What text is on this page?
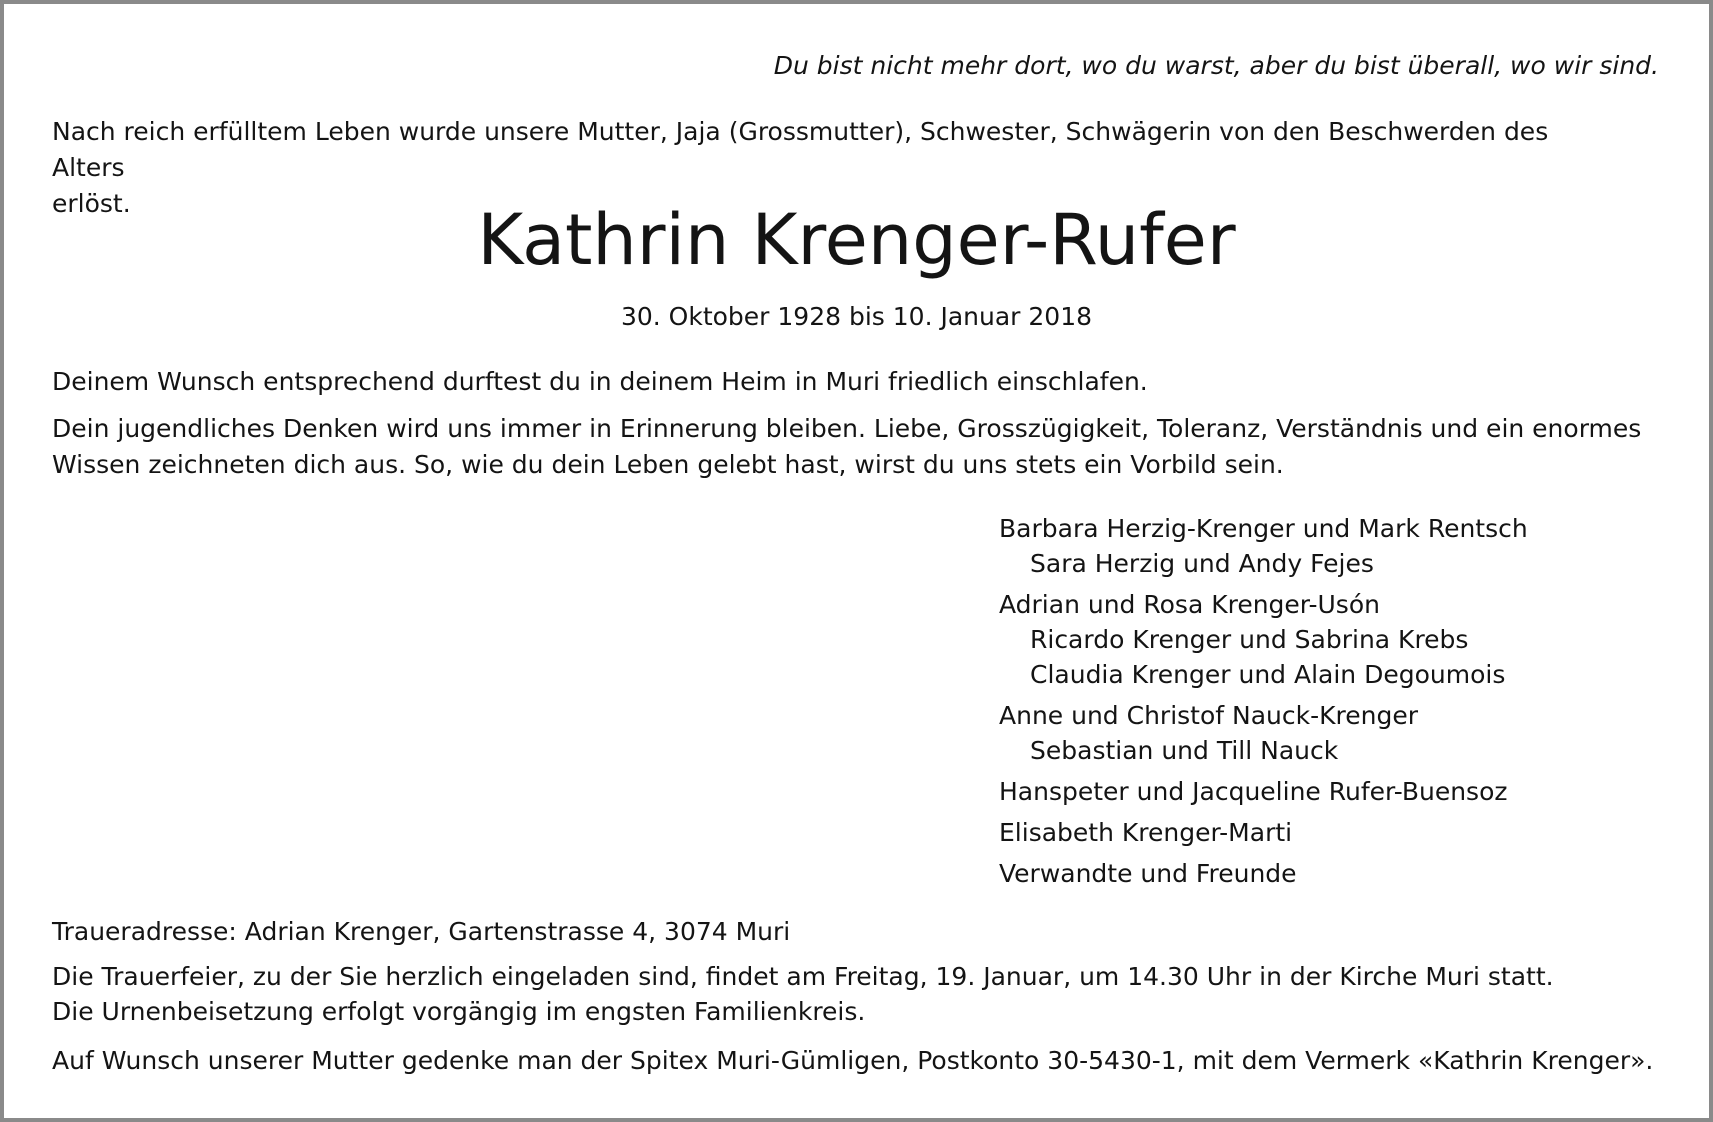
Du bist nicht mehr dort, wo du warst, aber du bist überall, wo wir sind.

Nach reich erfülltem Leben wurde unsere Mutter, Jaja (Grossmutter), Schwester, Schwägerin von den Beschwerden des Alters
erlöst.	Kathrin Krenger-Rufer

30. Oktober 1928 bis 10. Januar 2018

Deinem Wunsch entsprechend durftest du in deinem Heim in Muri friedlich einschlafen.

Dein jugendliches Denken wird uns immer in Erinnerung bleiben. Liebe, Grosszügigkeit, Toleranz, Verständnis und ein enormes
Wissen zeichneten dich aus. So, wie du dein Leben gelebt hast, wirst du uns stets ein Vorbild sein.

Barbara Herzig-Krenger und Mark Rentsch

Sara Herzig und Andy Fejes

Adrian und Rosa Krenger-Usón

Ricardo Krenger und Sabrina Krebs

Claudia Krenger und Alain Degoumois

Anne und Christof Nauck-Krenger

Sebastian und Till Nauck

Hanspeter und Jacqueline Rufer-Buensoz

Elisabeth Krenger-Marti

Verwandte und Freunde

Traueradresse: Adrian Krenger, Gartenstrasse 4, 3074 Muri

Die Trauerfeier, zu der Sie herzlich eingeladen sind, findet am Freitag, 19. Januar, um 14.30 Uhr in der Kirche Muri statt.
Die Urnenbeisetzung erfolgt vorgängig im engsten Familienkreis.

Auf Wunsch unserer Mutter gedenke man der Spitex Muri-Gümligen, Postkonto 30-5430-1, mit dem Vermerk «Kathrin Krenger».
